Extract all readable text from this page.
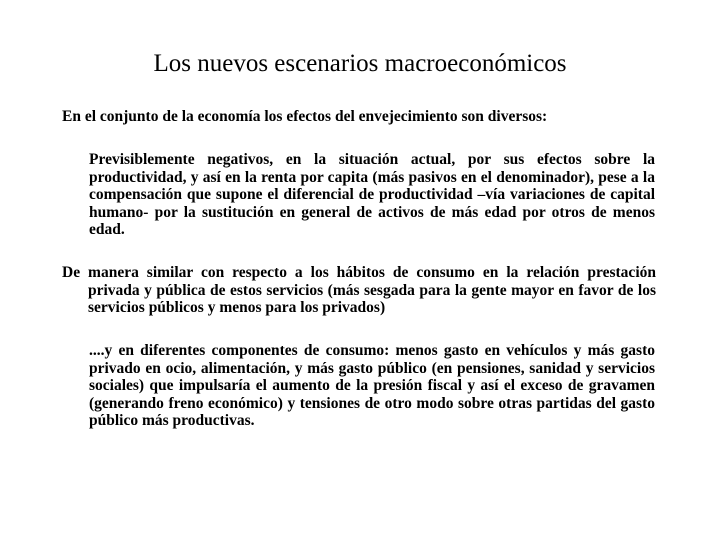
Los nuevos escenarios macroeconómicos

En el conjunto de la economía los efectos del envejecimiento son diversos:

Previsiblemente negativos, en la situación actual, por sus efectos sobre la productividad, y así en la renta por capita (más pasivos en el denominador), pese a la compensación que supone el diferencial de productividad –vía variaciones de capital humano- por la sustitución en general de activos de más edad por otros de menos edad.

De manera similar con respecto a los hábitos de consumo en la relación prestación privada y pública de estos servicios (más sesgada para la gente mayor en favor de los servicios públicos y menos para los privados)

....y en diferentes componentes de consumo: menos gasto en vehículos y más gasto privado en ocio, alimentación, y más gasto público (en pensiones, sanidad y servicios sociales) que impulsaría el aumento de la presión fiscal y así el exceso de gravamen (generando freno económico) y tensiones de otro modo sobre otras partidas del gasto público más productivas.
